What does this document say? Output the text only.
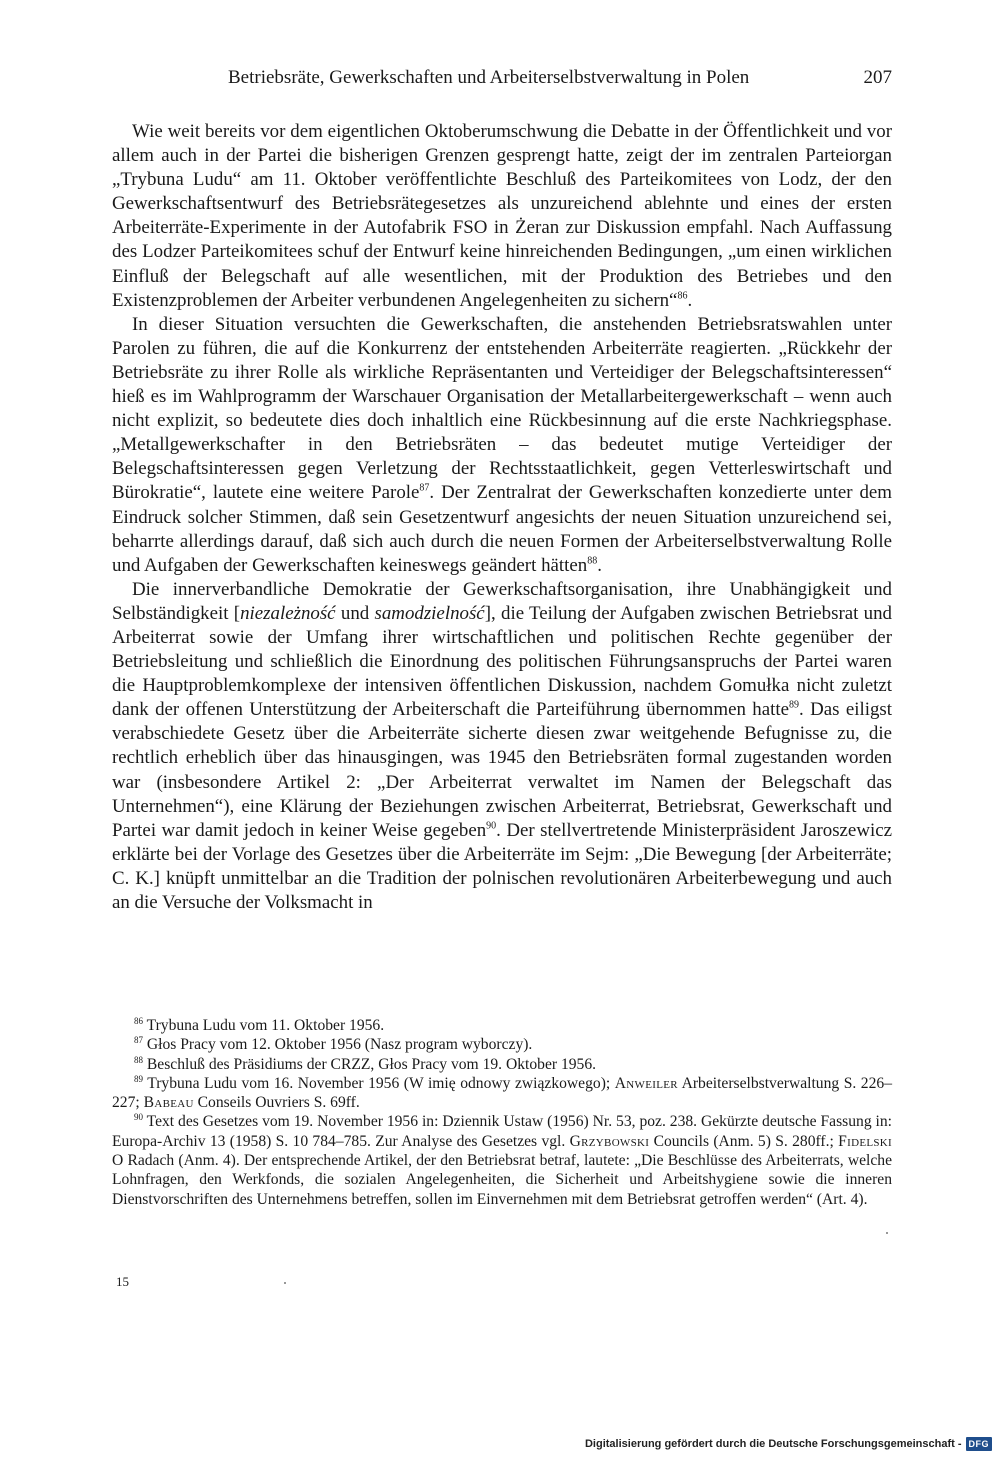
Betriebsräte, Gewerkschaften und Arbeiterselbstverwaltung in Polen	207

Wie weit bereits vor dem eigentlichen Oktoberumschwung die Debatte in der Öffentlichkeit und vor allem auch in der Partei die bisherigen Grenzen gesprengt hatte, zeigt der im zentralen Parteiorgan „Trybuna Ludu“ am 11. Oktober veröffentlichte Beschluß des Parteikomitees von Lodz, der den Gewerkschaftsentwurf des Betriebsrätegesetzes als unzureichend ablehnte und eines der ersten Arbeiterräte-Experimente in der Autofabrik FSO in Żeran zur Diskussion empfahl. Nach Auffassung des Lodzer Parteikomitees schuf der Entwurf keine hinreichenden Bedingungen, „um einen wirklichen Einfluß der Belegschaft auf alle wesentlichen, mit der Produktion des Betriebes und den Existenzproblemen der Arbeiter verbundenen Angelegenheiten zu sichern“$^{86}$.

In dieser Situation versuchten die Gewerkschaften, die anstehenden Betriebsratswahlen unter Parolen zu führen, die auf die Konkurrenz der entstehenden Arbeiterräte reagierten. „Rückkehr der Betriebsräte zu ihrer Rolle als wirkliche Repräsentanten und Verteidiger der Belegschaftsinteressen“ hieß es im Wahlprogramm der Warschauer Organisation der Metallarbeitergewerkschaft – wenn auch nicht explizit, so bedeutete dies doch inhaltlich eine Rückbesinnung auf die erste Nachkriegsphase. „Metallgewerkschafter in den Betriebsräten – das bedeutet mutige Verteidiger der Belegschaftsinteressen gegen Verletzung der Rechtsstaatlichkeit, gegen Vetterleswirtschaft und Bürokratie“, lautete eine weitere Parole$^{87}$. Der Zentralrat der Gewerkschaften konzedierte unter dem Eindruck solcher Stimmen, daß sein Gesetzentwurf angesichts der neuen Situation unzureichend sei, beharrte allerdings darauf, daß sich auch durch die neuen Formen der Arbeiterselbstverwaltung Rolle und Aufgaben der Gewerkschaften keineswegs geändert hätten$^{88}$.

Die innerverbandliche Demokratie der Gewerkschaftsorganisation, ihre Unabhängigkeit und Selbständigkeit [niezależność und samodzielność], die Teilung der Aufgaben zwischen Betriebsrat und Arbeiterrat sowie der Umfang ihrer wirtschaftlichen und politischen Rechte gegenüber der Betriebsleitung und schließlich die Einordnung des politischen Führungsanspruchs der Partei waren die Hauptproblemkomplexe der intensiven öffentlichen Diskussion, nachdem Gomułka nicht zuletzt dank der offenen Unterstützung der Arbeiterschaft die Parteiführung übernommen hatte$^{89}$. Das eiligst verabschiedete Gesetz über die Arbeiterräte sicherte diesen zwar weitgehende Befugnisse zu, die rechtlich erheblich über das hinausgingen, was 1945 den Betriebsräten formal zugestanden worden war (insbesondere Artikel 2: „Der Arbeiterrat verwaltet im Namen der Belegschaft das Unternehmen“), eine Klärung der Beziehungen zwischen Arbeiterrat, Betriebsrat, Gewerkschaft und Partei war damit jedoch in keiner Weise gegeben$^{90}$. Der stellvertretende Ministerpräsident Jaroszewicz erklärte bei der Vorlage des Gesetzes über die Arbeiterräte im Sejm: „Die Bewegung [der Arbeiterräte; C. K.] knüpft unmittelbar an die Tradition der polnischen revolutionären Arbeiterbewegung und auch an die Versuche der Volksmacht in

$^{86}$ Trybuna Ludu vom 11. Oktober 1956.

$^{87}$ Głos Pracy vom 12. Oktober 1956 (Nasz program wyborczy).

$^{88}$ Beschluß des Präsidiums der CRZZ, Głos Pracy vom 19. Oktober 1956.

$^{89}$ Trybuna Ludu vom 16. November 1956 (W imię odnowy związkowego); Anweiler Arbeiterselbstverwaltung S. 226–227; Babeau Conseils Ouvriers S. 69ff.

$^{90}$ Text des Gesetzes vom 19. November 1956 in: Dziennik Ustaw (1956) Nr. 53, poz. 238. Gekürzte deutsche Fassung in: Europa-Archiv 13 (1958) S. 10 784–785. Zur Analyse des Gesetzes vgl. Grzybowski Councils (Anm. 5) S. 280ff.; Fidelski O Radach (Anm. 4). Der entsprechende Artikel, der den Betriebsrat betraf, lautete: „Die Beschlüsse des Arbeiterrats, welche Lohnfragen, den Werkfonds, die sozialen Angelegenheiten, die Sicherheit und Arbeitshygiene sowie die inneren Dienstvorschriften des Unternehmens betreffen, sollen im Einvernehmen mit dem Betriebsrat getroffen werden“ (Art. 4).

15
Digitalisierung gefördert durch die Deutsche Forschungsgemeinschaft - DFG
